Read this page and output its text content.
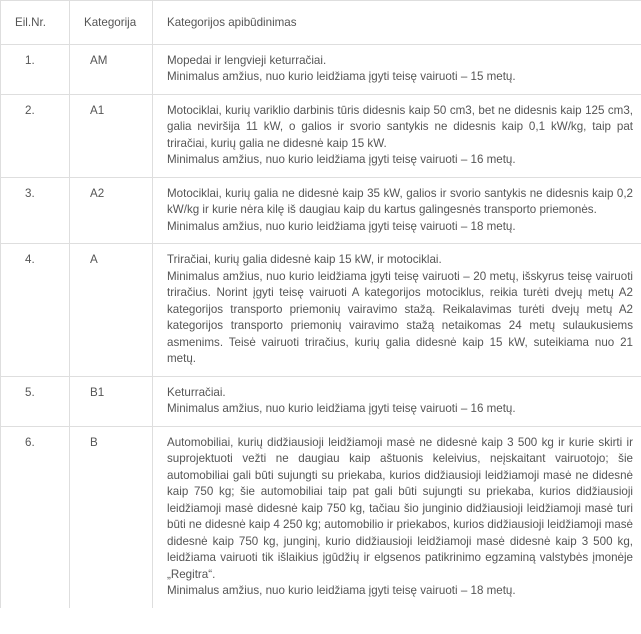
Eil.Nr.	Kategorija	Kategorijos apibūdinimas
1.	AM	Mopedai ir lengvieji keturračiai.
Minimalus amžius, nuo kurio leidžiama įgyti teisę vairuoti – 15 metų.

2.	A1	Motociklai, kurių variklio darbinis tūris didesnis kaip 50 cm3, bet ne didesnis kaip 125 cm3, galia neviršija 11 kW, o galios ir svorio santykis ne didesnis kaip 0,1 kW/kg, taip pat triračiai, kurių galia ne didesnė kaip 15 kW.
Minimalus amžius, nuo kurio leidžiama įgyti teisę vairuoti – 16 metų.

3.	A2	Motociklai, kurių galia ne didesnė kaip 35 kW, galios ir svorio santykis ne didesnis kaip 0,2 kW/kg ir kurie nėra kilę iš daugiau kaip du kartus galingesnės transporto priemonės.
Minimalus amžius, nuo kurio leidžiama įgyti teisę vairuoti – 18 metų.

4.	A	Triračiai, kurių galia didesnė kaip 15 kW, ir motociklai.
Minimalus amžius, nuo kurio leidžiama įgyti teisę vairuoti – 20 metų, išskyrus teisę vairuoti triračius. Norint įgyti teisę vairuoti A kategorijos motociklus, reikia turėti dvejų metų A2 kategorijos transporto priemonių vairavimo stažą. Reikalavimas turėti dvejų metų A2 kategorijos transporto priemonių vairavimo stažą netaikomas 24 metų sulaukusiems asmenims. Teisė vairuoti triračius, kurių galia didesnė kaip 15 kW, suteikiama nuo 21 metų.

5.	B1	Keturračiai.
Minimalus amžius, nuo kurio leidžiama įgyti teisę vairuoti – 16 metų.

6.	B	Automobiliai, kurių didžiausioji leidžiamoji masė ne didesnė kaip 3 500 kg ir kurie skirti ir suprojektuoti vežti ne daugiau kaip aštuonis keleivius, neįskaitant vairuotojo; šie automobiliai gali būti sujungti su priekaba, kurios didžiausioji leidžiamoji masė ne didesnė kaip 750 kg; šie automobiliai taip pat gali būti sujungti su priekaba, kurios didžiausioji leidžiamoji masė didesnė kaip 750 kg, tačiau šio junginio didžiausioji leidžiamoji masė turi būti ne didesnė kaip 4 250 kg; automobilio ir priekabos, kurios didžiausioji leidžiamoji masė didesnė kaip 750 kg, junginį, kurio didžiausioji leidžiamoji masė didesnė kaip 3 500 kg, leidžiama vairuoti tik išlaikius įgūdžių ir elgsenos patikrinimo egzaminą valstybės įmonėje „Regitra“.
Minimalus amžius, nuo kurio leidžiama įgyti teisę vairuoti – 18 metų.
